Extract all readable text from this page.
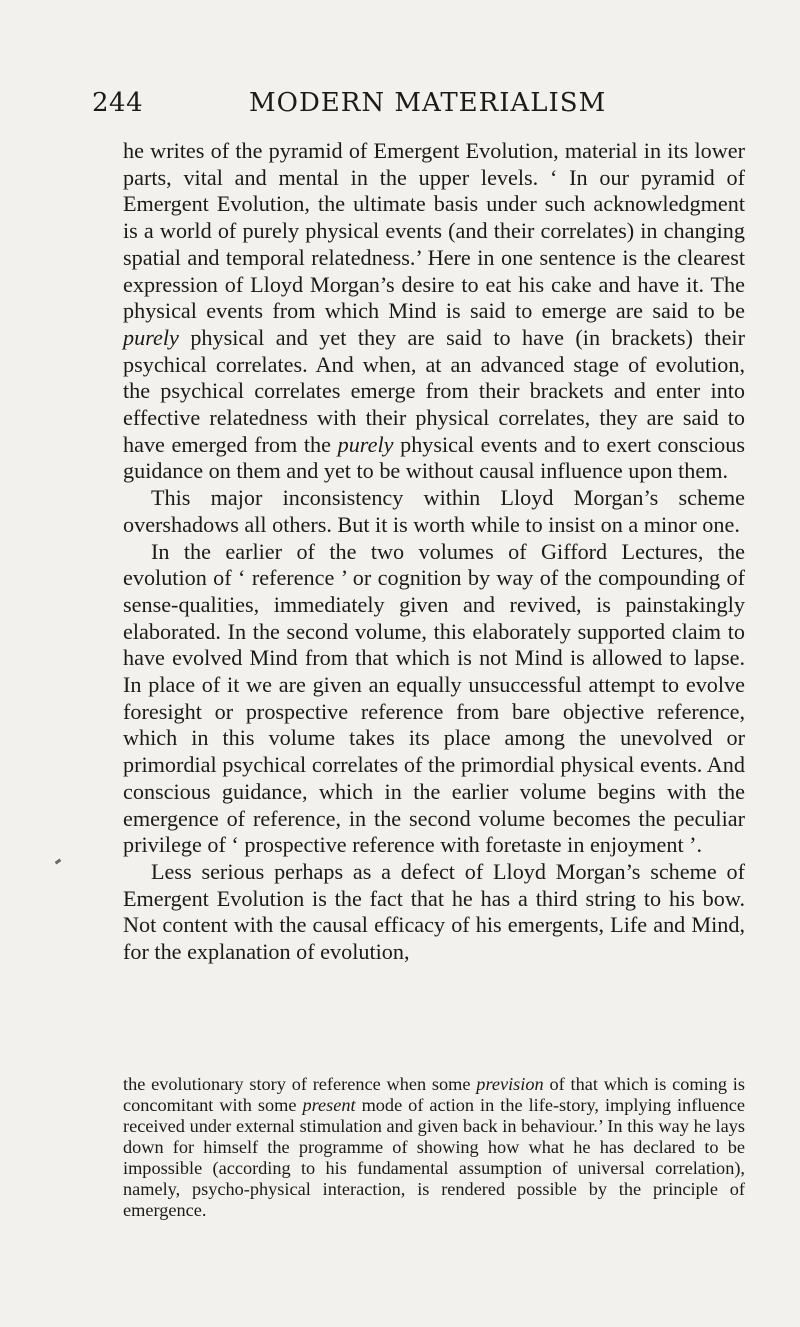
244	MODERN MATERIALISM

he writes of the pyramid of Emergent Evolution, material in its lower parts, vital and mental in the upper levels. ‘ In our pyramid of Emergent Evolution, the ultimate basis under such acknowledgment is a world of purely physical events (and their correlates) in changing spatial and temporal relatedness.’ Here in one sentence is the clearest expression of Lloyd Morgan’s desire to eat his cake and have it. The physical events from which Mind is said to emerge are said to be purely physical and yet they are said to have (in brackets) their psychical correlates. And when, at an advanced stage of evolution, the psychical correlates emerge from their brackets and enter into effective relatedness with their physical correlates, they are said to have emerged from the purely physical events and to exert conscious guidance on them and yet to be without causal influence upon them.

This major inconsistency within Lloyd Morgan’s scheme overshadows all others. But it is worth while to insist on a minor one.

In the earlier of the two volumes of Gifford Lectures, the evolution of ‘ reference ’ or cognition by way of the compounding of sense-qualities, immediately given and revived, is painstakingly elaborated. In the second volume, this elaborately supported claim to have evolved Mind from that which is not Mind is allowed to lapse. In place of it we are given an equally unsuccessful attempt to evolve foresight or prospective reference from bare objective reference, which in this volume takes its place among the unevolved or primordial psychical correlates of the primordial physical events. And conscious guidance, which in the earlier volume begins with the emergence of reference, in the second volume becomes the peculiar privilege of ‘ prospective reference with foretaste in enjoyment ’.

Less serious perhaps as a defect of Lloyd Morgan’s scheme of Emergent Evolution is the fact that he has a third string to his bow. Not content with the causal efficacy of his emergents, Life and Mind, for the explanation of evolution,

the evolutionary story of reference when some prevision of that which is coming is concomitant with some present mode of action in the life-story, implying influence received under external stimulation and given back in behaviour.’ In this way he lays down for himself the programme of showing how what he has declared to be impossible (according to his fundamental assumption of universal correlation), namely, psycho-physical interaction, is rendered possible by the principle of emergence.
